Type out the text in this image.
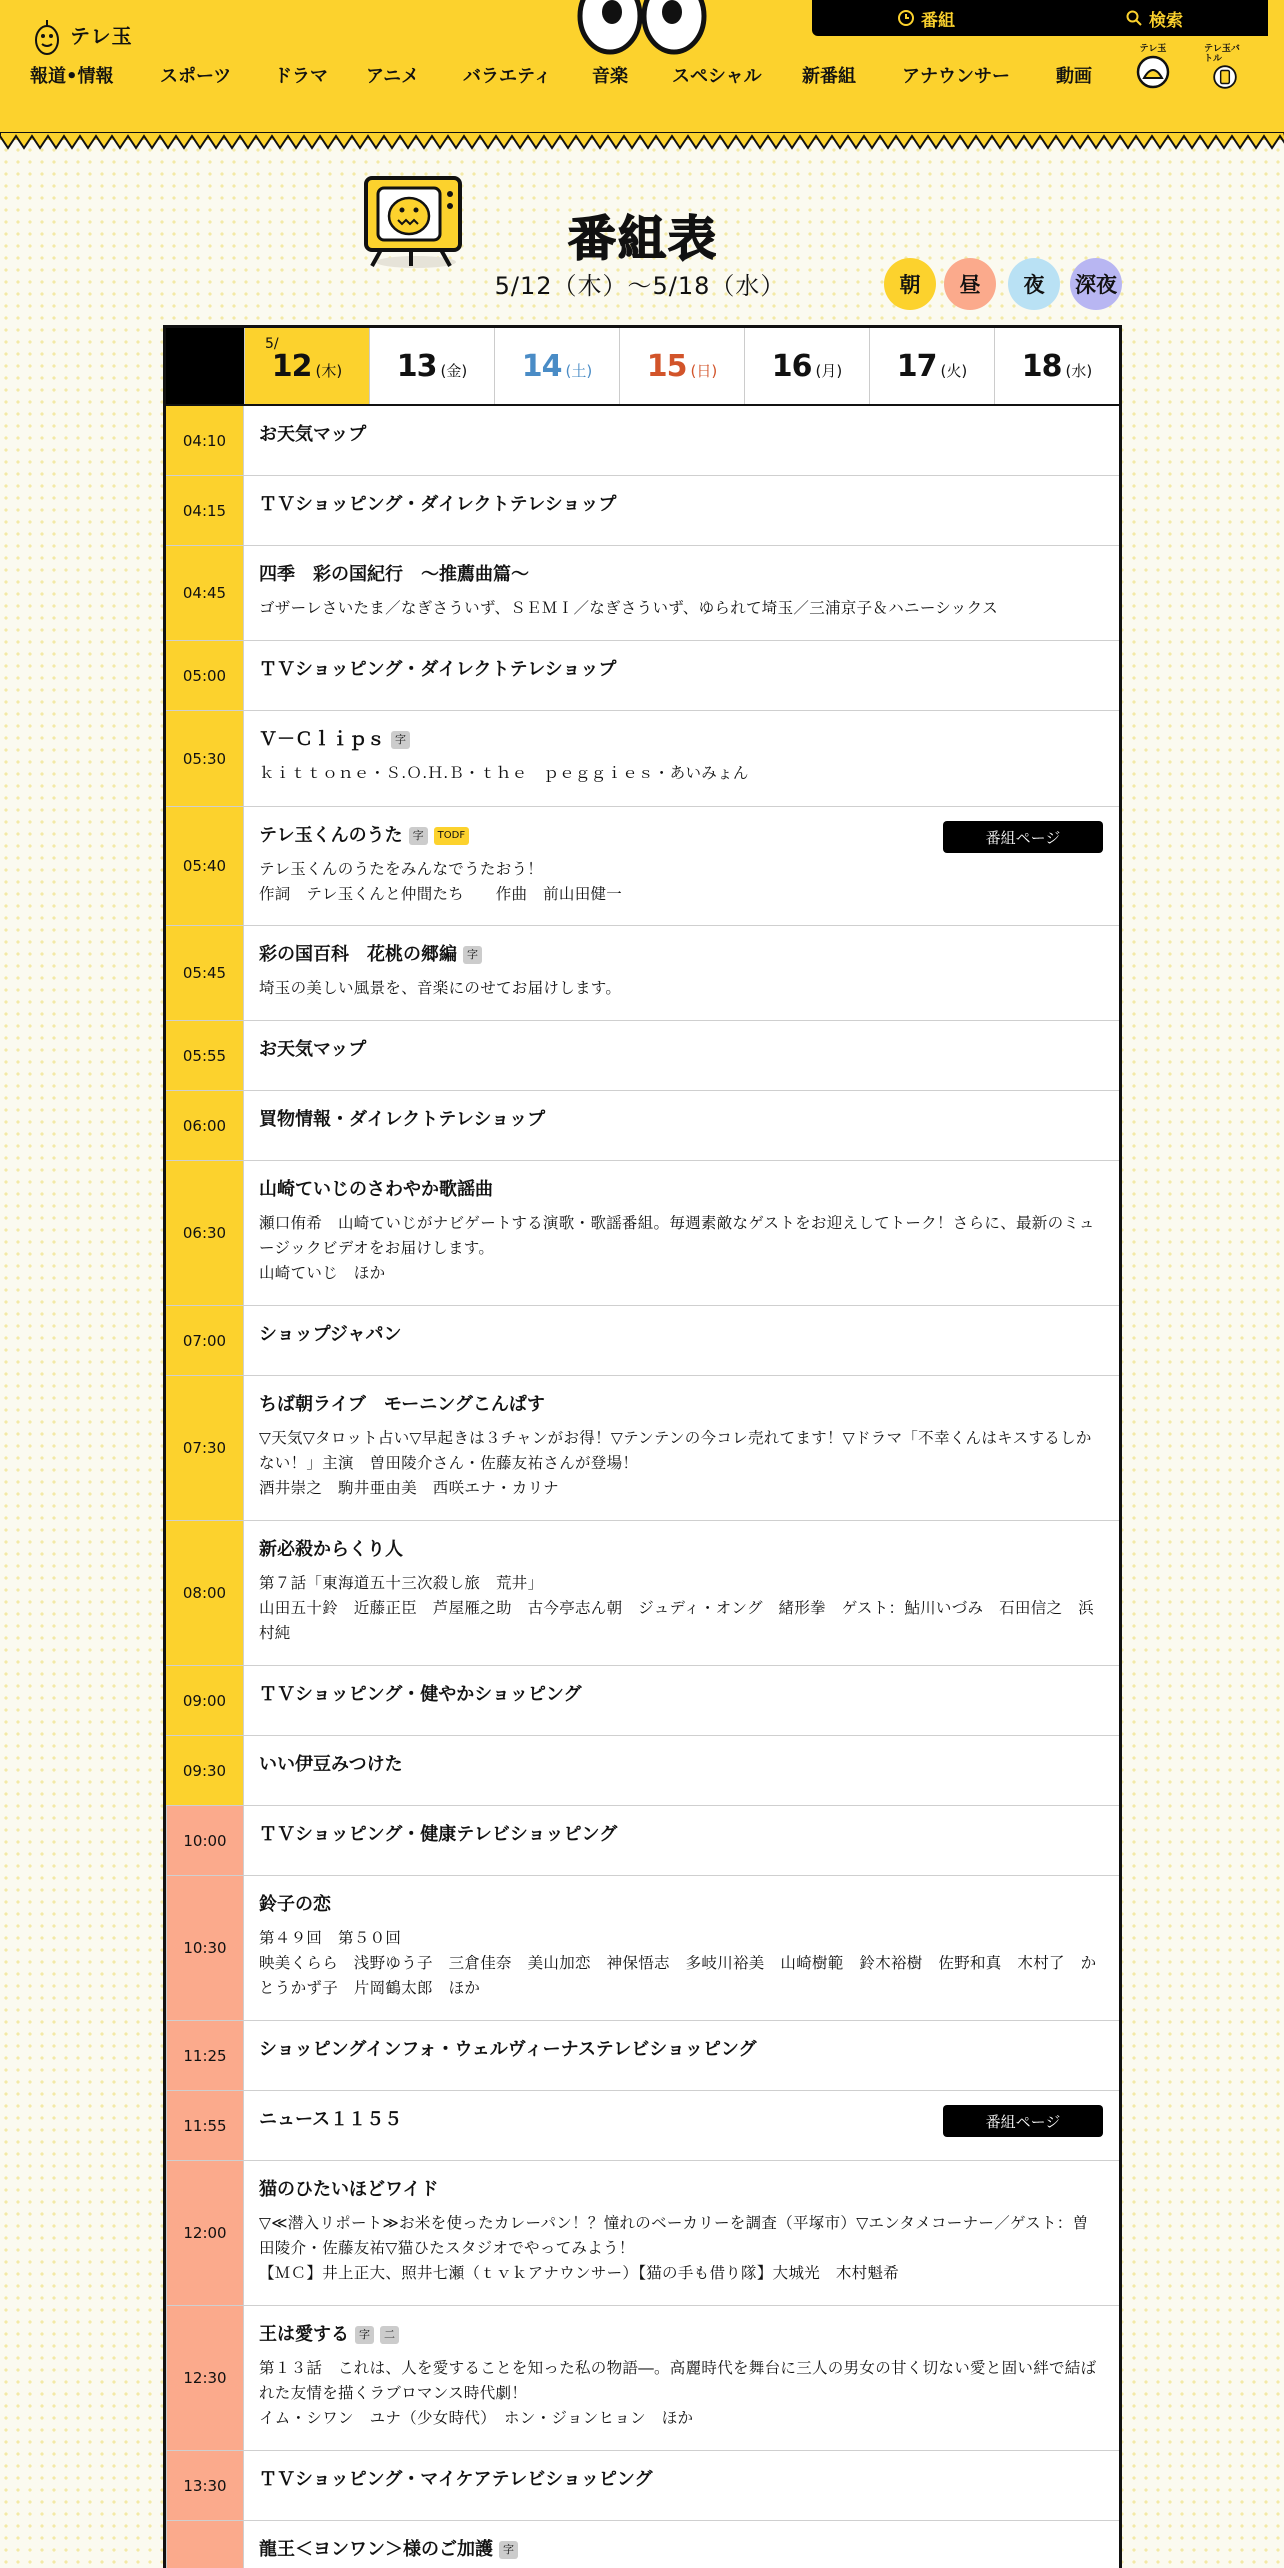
テレ玉
番組	検索
報道•情報	スポーツ ドラマ アニメ バラエティ 音楽 スペシャル 新番組	アナウンサー	動画
テレ玉	テレ玉バトル
番組表
5/12（木）〜5/18（水）	朝 昼 夜 深夜
5/
12 (木) 13 (金) 14 (土) 15 (日) 16 (月) 17 (火) 18 (水)
04:10	お天気マップ
04:15	ＴＶショッピング・ダイレクトテレショップ
04:45
四季　彩の国紀行　～推薦曲篇～
ゴザーレさいたま／なぎさういず、ＳＥＭＩ／なぎさういず、ゆられて埼玉／三浦京子＆ハニーシックス
05:00	ＴＶショッピング・ダイレクトテレショップ
05:30
Ｖ－Ｃｌｉｐｓ 字
ｋｉｔｔｏｎｅ・Ｓ.Ｏ.Ｈ.Ｂ・ｔｈｅ　ｐｅｇｇｉｅｓ・あいみょん
05:40
テレ玉くんのうた 字	TODF
テレ玉くんのうたをみんなでうたおう！
作詞　テレ玉くんと仲間たち　　作曲　前山田健一
番組ページ
05:45
彩の国百科　花桃の郷編 字
埼玉の美しい風景を、音楽にのせてお届けします。
05:55	お天気マップ
06:00	買物情報・ダイレクトテレショップ
06:30
山崎ていじのさわやか歌謡曲
瀬口侑希　山崎ていじがナビゲートする演歌・歌謡番組。毎週素敵なゲストをお迎えしてトーク！さらに、最新のミュージックビデオをお届けします。
山崎ていじ　ほか
07:00	ショップジャパン
07:30
ちば朝ライブ　モーニングこんぱす
▽天気▽タロット占い▽早起きは３チャンがお得！▽テンテンの今コレ売れてます！▽ドラマ「不幸くんはキスするしかない！」主演　曽田陵介さん・佐藤友祐さんが登場！
酒井崇之　駒井亜由美　西咲エナ・カリナ
08:00
新必殺からくり人
第７話「東海道五十三次殺し旅　荒井」
山田五十鈴　近藤正臣　芦屋雁之助　古今亭志ん朝　ジュディ・オング　緒形拳　ゲスト：鮎川いづみ　石田信之　浜村純
09:00	ＴＶショッピング・健やかショッピング
09:30	いい伊豆みつけた
10:00	ＴＶショッピング・健康テレビショッピング
10:30
鈴子の恋
第４９回　第５０回
映美くらら　浅野ゆう子　三倉佳奈　美山加恋　神保悟志　多岐川裕美　山崎樹範　鈴木裕樹　佐野和真　木村了　かとうかず子　片岡鶴太郎　ほか
11:25	ショッピングインフォ・ウェルヴィーナステレビショッピング
11:55	ニュース１１５５	番組ページ
12:00
猫のひたいほどワイド
▽≪潜入リポート≫お米を使ったカレーパン！？憧れのベーカリーを調査（平塚市）▽エンタメコーナー／ゲスト：曽田陵介・佐藤友祐▽猫ひたスタジオでやってみよう！
【ＭＣ】井上正大、照井七瀬（ｔｖｋアナウンサー）【猫の手も借り隊】大城光　木村魁希
12:30
王は愛する 字	二
第１３話　これは、人を愛することを知った私の物語―。高麗時代を舞台に三人の男女の甘く切ない愛と固い絆で結ばれた友情を描くラブロマンス時代劇！
イム・シワン　ユナ（少女時代）　ホン・ジョンヒョン　ほか
13:30	ＴＶショッピング・マイケアテレビショッピング
龍王＜ヨンワン＞様のご加護 字
